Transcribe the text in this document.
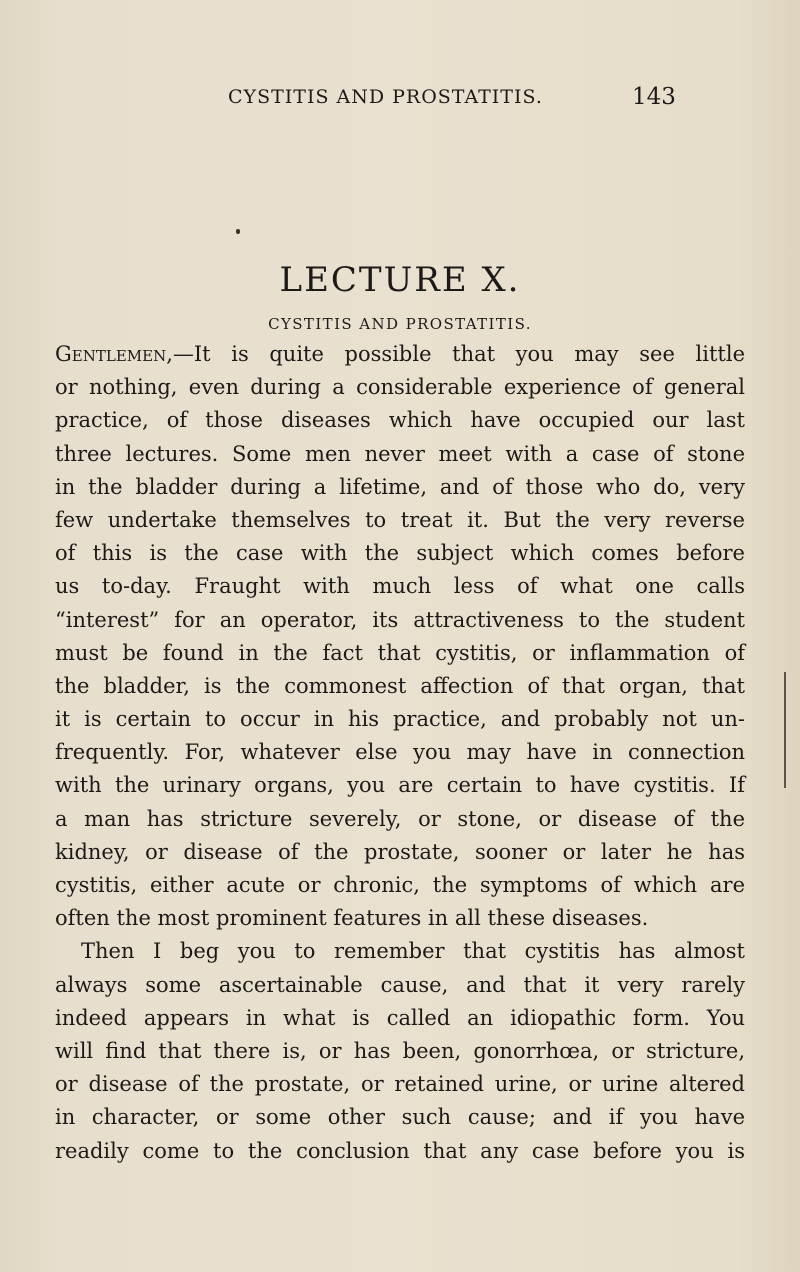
CYSTITIS AND PROSTATITIS.	143
LECTURE X.
CYSTITIS AND PROSTATITIS.
Gentlemen,—It is quite possible that you may see little
or nothing, even during a considerable experience of general
practice, of those diseases which have occupied our last
three lectures. Some men never meet with a case of stone
in the bladder during a lifetime, and of those who do, very
few undertake themselves to treat it. But the very reverse
of this is the case with the subject which comes before
us to-day. Fraught with much less of what one calls
“interest” for an operator, its attractiveness to the student
must be found in the fact that cystitis, or inflammation of
the bladder, is the commonest affection of that organ, that
it is certain to occur in his practice, and probably not un-
frequently. For, whatever else you may have in connection
with the urinary organs, you are certain to have cystitis. If
a man has stricture severely, or stone, or disease of the
kidney, or disease of the prostate, sooner or later he has
cystitis, either acute or chronic, the symptoms of which are
often the most prominent features in all these diseases.
Then I beg you to remember that cystitis has almost
always some ascertainable cause, and that it very rarely
indeed appears in what is called an idiopathic form. You
will find that there is, or has been, gonorrhœa, or stricture,
or disease of the prostate, or retained urine, or urine altered
in character, or some other such cause; and if you have
readily come to the conclusion that any case before you is
